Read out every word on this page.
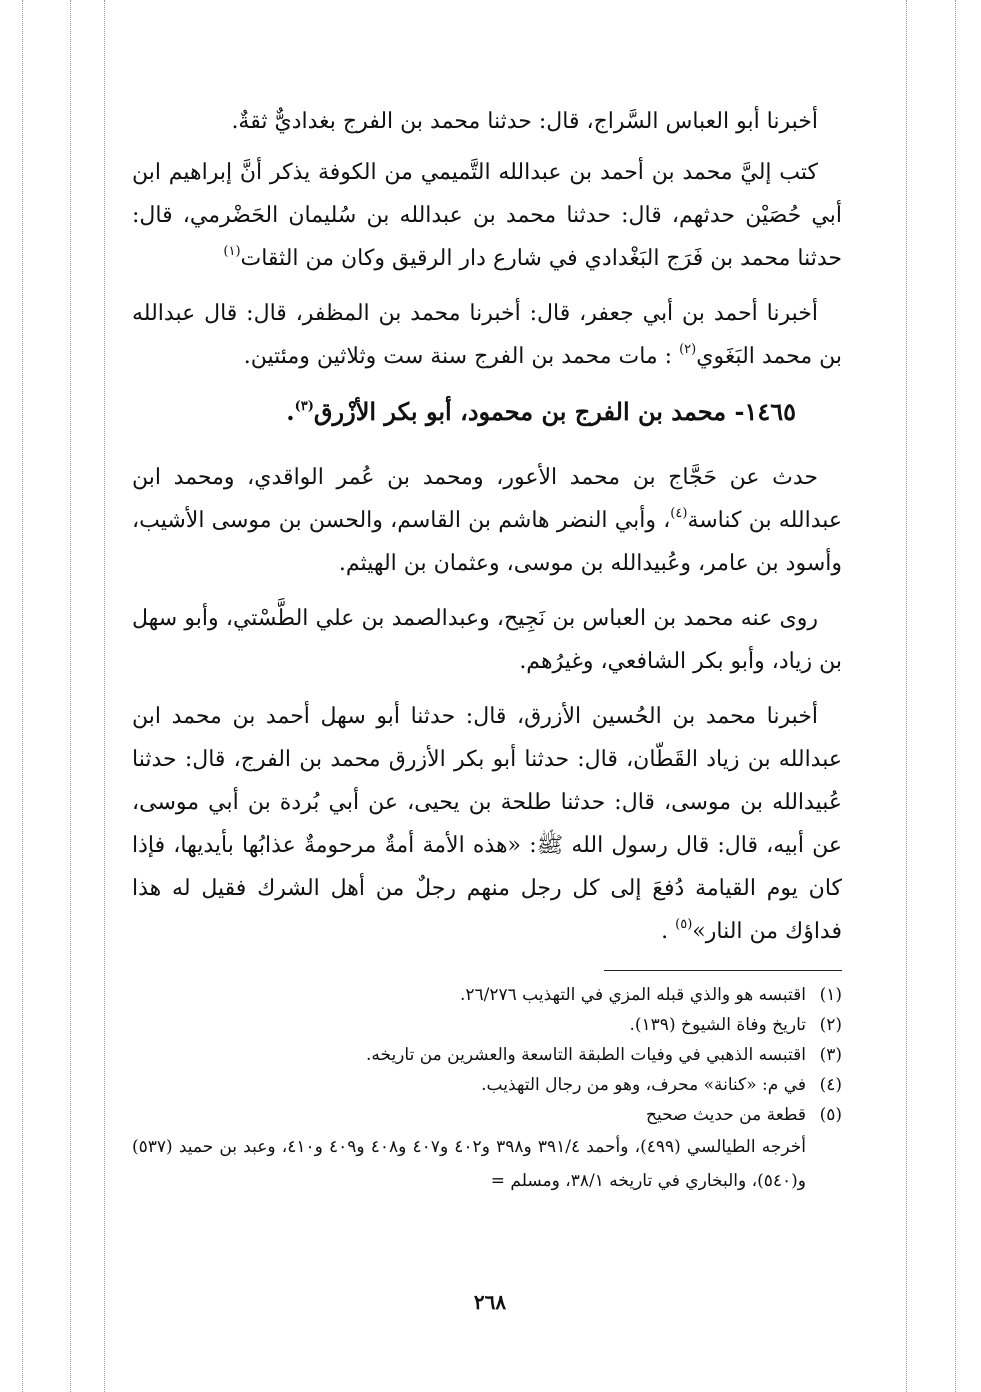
أخبرنا أبو العباس السَّراج، قال: حدثنا محمد بن الفرج بغداديٌّ ثقةٌ.

كتب إليَّ محمد بن أحمد بن عبدالله التَّميمي من الكوفة يذكر أنَّ إبراهيم ابن أبي حُصَيْن حدثهم، قال: حدثنا محمد بن عبدالله بن سُليمان الحَضْرمي، قال: حدثنا محمد بن فَرَج البَغْدادي في شارع دار الرقيق وكان من الثقات$^{(١)}$

أخبرنا أحمد بن أبي جعفر، قال: أخبرنا محمد بن المظفر، قال: قال عبدالله بن محمد البَغَوي$^{(٢)}$ : مات محمد بن الفرج سنة ست وثلاثين ومئتين.

١٤٦٥- محمد بن الفرج بن محمود، أبو بكر الأزْرق$^{(٣)}$.

حدث عن حَجَّاج بن محمد الأعور، ومحمد بن عُمر الواقدي، ومحمد ابن عبدالله بن كناسة$^{(٤)}$، وأبي النضر هاشم بن القاسم، والحسن بن موسى الأشيب، وأسود بن عامر، وعُبيدالله بن موسى، وعثمان بن الهيثم.

روى عنه محمد بن العباس بن نَجِيح، وعبدالصمد بن علي الطَّسْتي، وأبو سهل بن زياد، وأبو بكر الشافعي، وغيرُهم.

أخبرنا محمد بن الحُسين الأزرق، قال: حدثنا أبو سهل أحمد بن محمد ابن عبدالله بن زياد القَطّان، قال: حدثنا أبو بكر الأزرق محمد بن الفرج، قال: حدثنا عُبيدالله بن موسى، قال: حدثنا طلحة بن يحيى، عن أبي بُردة بن أبي موسى، عن أبيه، قال: قال رسول الله ﷺ: «هذه الأمة أمةٌ مرحومةٌ عذابُها بأيديها، فإذا كان يوم القيامة دُفعَ إلى كل رجل منهم رجلٌ من أهل الشرك فقيل له هذا فداؤك من النار»$^{(٥)}$ .

(١)
اقتبسه هو والذي قبله المزي في التهذيب ٢٦/٢٧٦.
(٢)
تاريخ وفاة الشيوخ (١٣٩).
(٣)
اقتبسه الذهبي في وفيات الطبقة التاسعة والعشرين من تاريخه.
(٤)
في م: «كنانة» محرف، وهو من رجال التهذيب.
(٥)
قطعة من حديث صحيح

أخرجه الطيالسي (٤٩٩)، وأحمد ٣٩١/٤ و٣٩٨ و٤٠٢ و٤٠٧ و٤٠٨ و٤٠٩ و٤١٠، وعبد بن حميد (٥٣٧) و(٥٤٠)، والبخاري في تاريخه ٣٨/١، ومسلم =

٢٦٨
